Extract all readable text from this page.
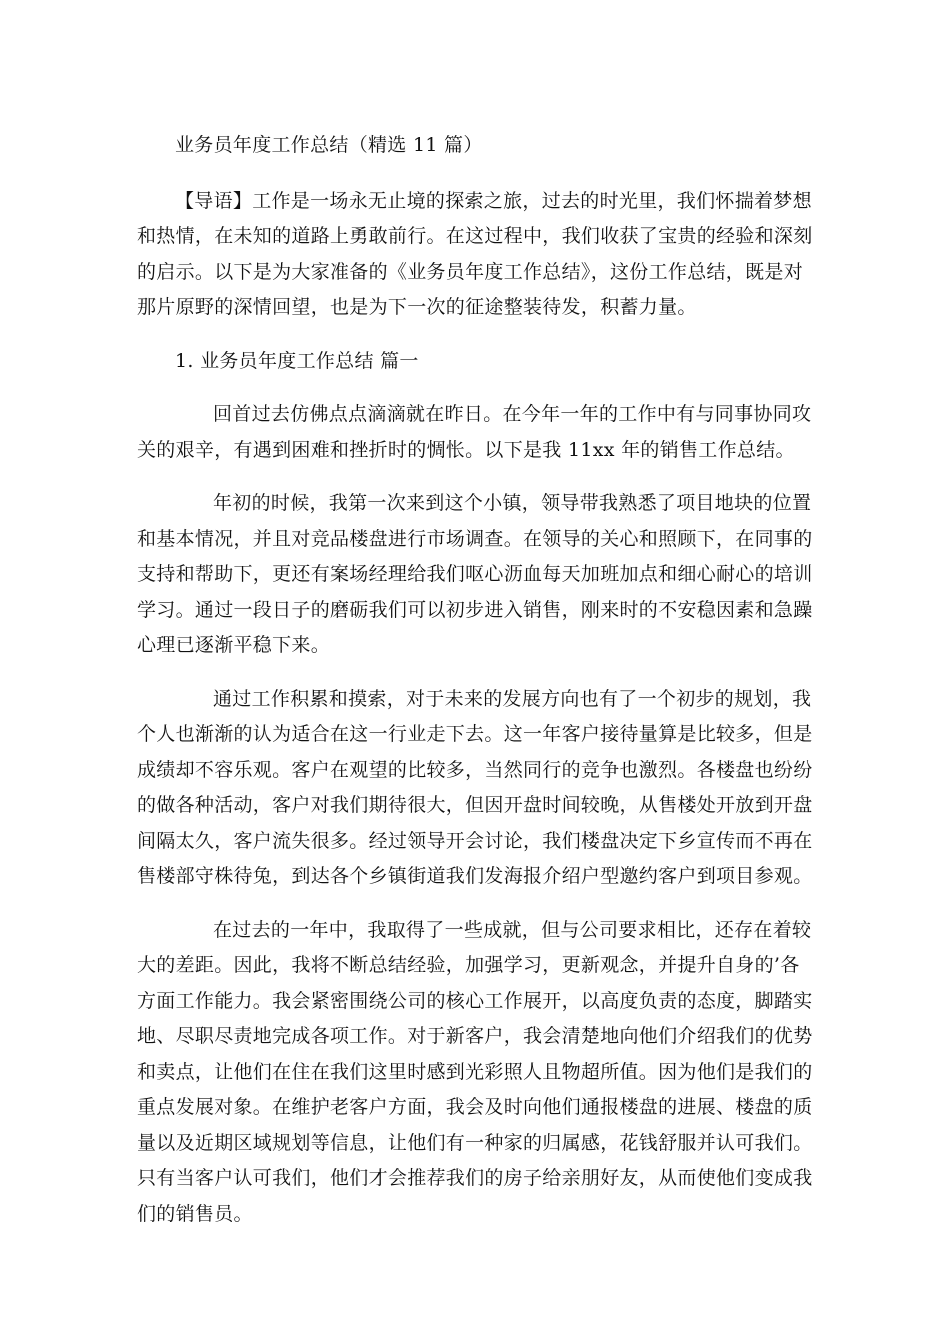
业务员年度工作总结（精选 11 篇）

【导语】工作是一场永无止境的探索之旅，过去的时光里，我们怀揣着梦想

和热情，在未知的道路上勇敢前行。在这过程中，我们收获了宝贵的经验和深刻

的启示。以下是为大家准备的《业务员年度工作总结》，这份工作总结，既是对

那片原野的深情回望，也是为下一次的征途整装待发，积蓄力量。

1. 业务员年度工作总结 篇一

回首过去仿佛点点滴滴就在昨日。在今年一年的工作中有与同事协同攻

关的艰辛，有遇到困难和挫折时的惆怅。以下是我 11xx 年的销售工作总结。

年初的时候，我第一次来到这个小镇，领导带我熟悉了项目地块的位置

和基本情况，并且对竞品楼盘进行市场调查。在领导的关心和照顾下，在同事的

支持和帮助下，更还有案场经理给我们呕心沥血每天加班加点和细心耐心的培训

学习。通过一段日子的磨砺我们可以初步进入销售，刚来时的不安稳因素和急躁

心理已逐渐平稳下来。

通过工作积累和摸索，对于未来的发展方向也有了一个初步的规划，我

个人也渐渐的认为适合在这一行业走下去。这一年客户接待量算是比较多，但是

成绩却不容乐观。客户在观望的比较多，当然同行的竞争也激烈。各楼盘也纷纷

的做各种活动，客户对我们期待很大，但因开盘时间较晚，从售楼处开放到开盘

间隔太久，客户流失很多。经过领导开会讨论，我们楼盘决定下乡宣传而不再在

售楼部守株待兔，到达各个乡镇街道我们发海报介绍户型邀约客户到项目参观。

在过去的一年中，我取得了一些成就，但与公司要求相比，还存在着较

大的差距。因此，我将不断总结经验，加强学习，更新观念，并提升自身的’各

方面工作能力。我会紧密围绕公司的核心工作展开，以高度负责的态度，脚踏实

地、尽职尽责地完成各项工作。对于新客户，我会清楚地向他们介绍我们的优势

和卖点，让他们在住在我们这里时感到光彩照人且物超所值。因为他们是我们的

重点发展对象。在维护老客户方面，我会及时向他们通报楼盘的进展、楼盘的质

量以及近期区域规划等信息，让他们有一种家的归属感，花钱舒服并认可我们。

只有当客户认可我们，他们才会推荐我们的房子给亲朋好友，从而使他们变成我

们的销售员。
